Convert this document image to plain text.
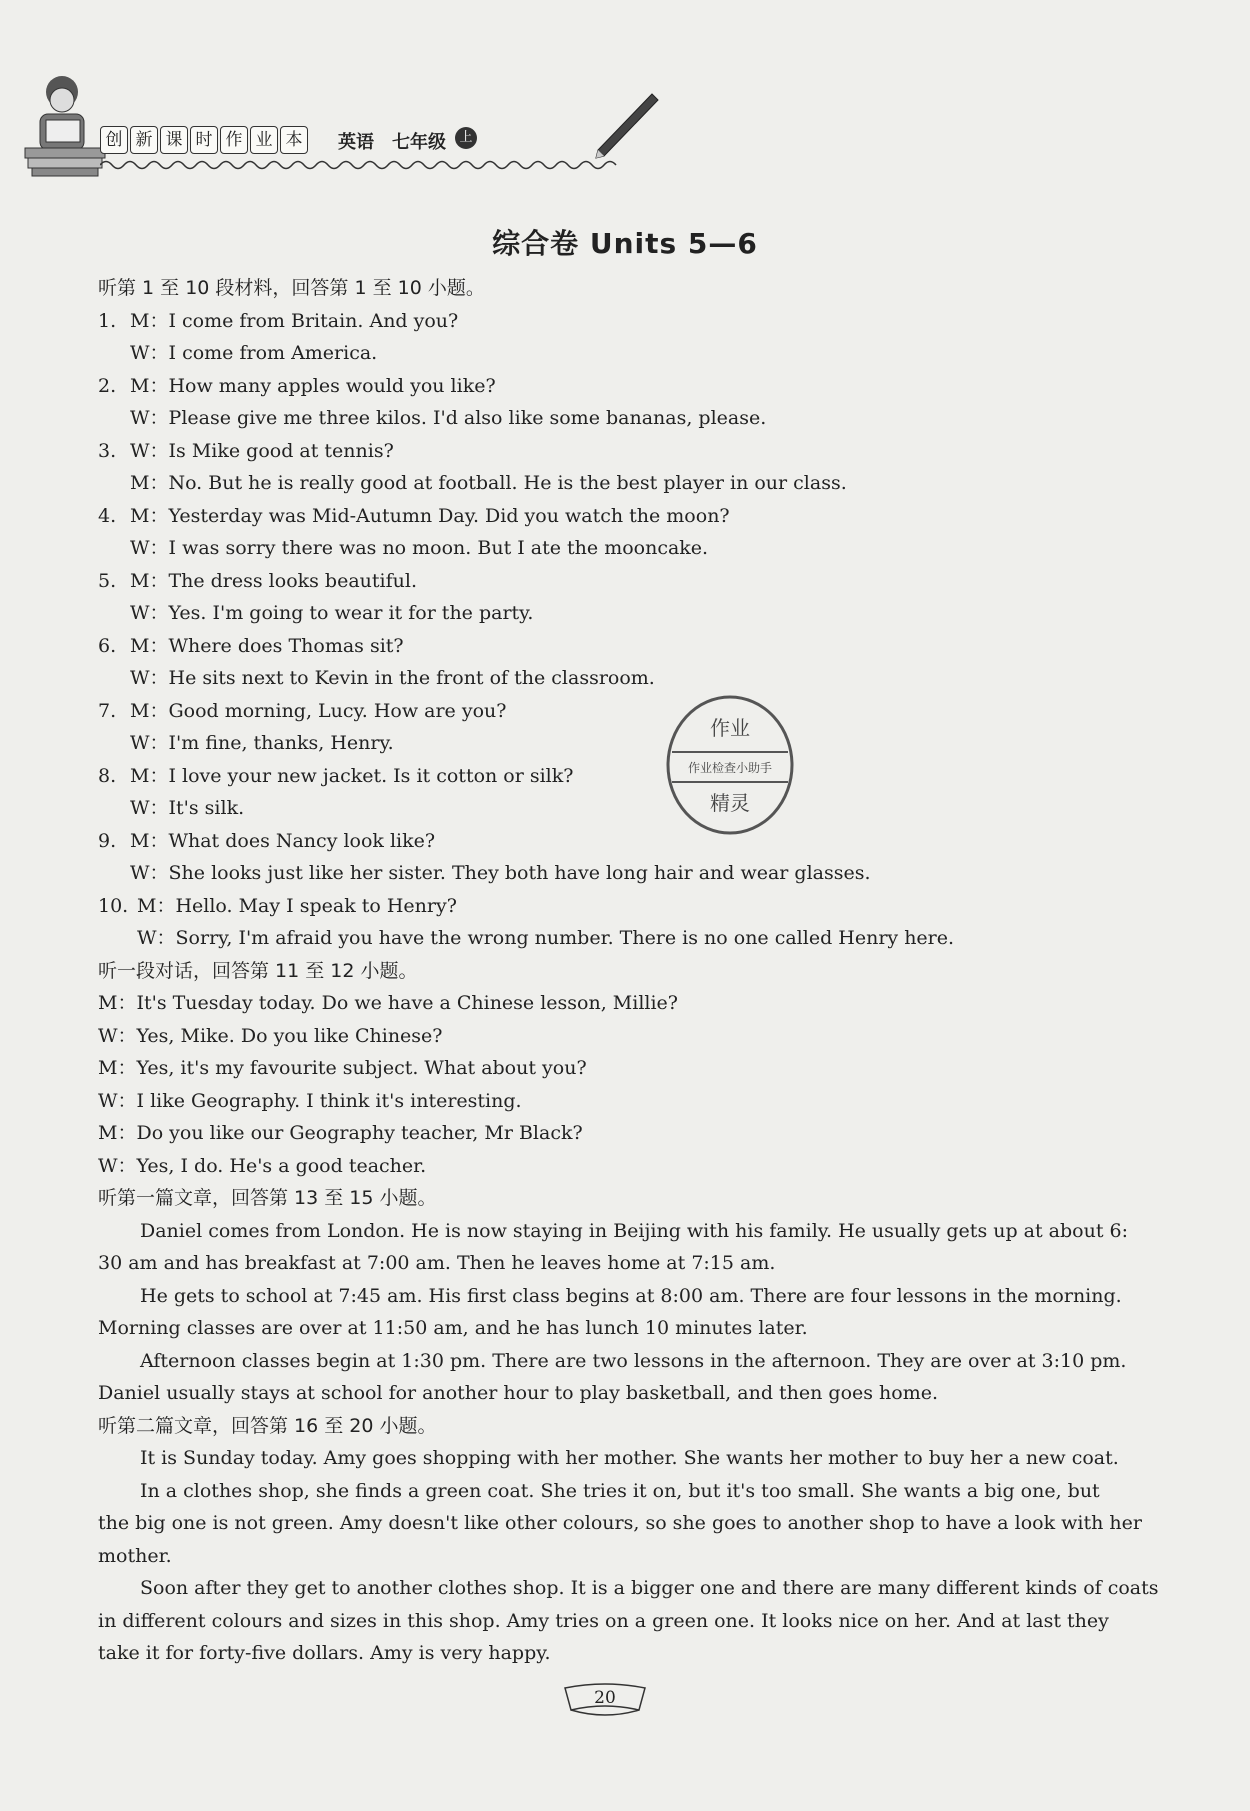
创 新 课 时 作 业 本	英语 七年级	上
综合卷 Units 5—6
听第 1 至 10 段材料，回答第 1 至 10 小题。
1. M：I come from Britain. And you?
W：I come from America.
2. M：How many apples would you like?
W：Please give me three kilos. I'd also like some bananas, please.
3. W：Is Mike good at tennis?
M：No. But he is really good at football. He is the best player in our class.
4. M：Yesterday was Mid-Autumn Day. Did you watch the moon?
W：I was sorry there was no moon. But I ate the mooncake.
5. M：The dress looks beautiful.
W：Yes. I'm going to wear it for the party.
6. M：Where does Thomas sit?
W：He sits next to Kevin in the front of the classroom.
7. M：Good morning, Lucy. How are you?
W：I'm fine, thanks, Henry.
8. M：I love your new jacket. Is it cotton or silk?
W：It's silk.
9. M：What does Nancy look like?
W：She looks just like her sister. They both have long hair and wear glasses.
10. M：Hello. May I speak to Henry?
W：Sorry, I'm afraid you have the wrong number. There is no one called Henry here.
听一段对话，回答第 11 至 12 小题。
M：It's Tuesday today. Do we have a Chinese lesson, Millie?
W：Yes, Mike. Do you like Chinese?
M：Yes, it's my favourite subject. What about you?
W：I like Geography. I think it's interesting.
M：Do you like our Geography teacher, Mr Black?
W：Yes, I do. He's a good teacher.
听第一篇文章，回答第 13 至 15 小题。
Daniel comes from London. He is now staying in Beijing with his family. He usually gets up at about 6:
30 am and has breakfast at 7:00 am. Then he leaves home at 7:15 am.
He gets to school at 7:45 am. His first class begins at 8:00 am. There are four lessons in the morning.
Morning classes are over at 11:50 am, and he has lunch 10 minutes later.
Afternoon classes begin at 1:30 pm. There are two lessons in the afternoon. They are over at 3:10 pm.
Daniel usually stays at school for another hour to play basketball, and then goes home.
听第二篇文章，回答第 16 至 20 小题。
It is Sunday today. Amy goes shopping with her mother. She wants her mother to buy her a new coat.
In a clothes shop, she finds a green coat. She tries it on, but it's too small. She wants a big one, but
the big one is not green. Amy doesn't like other colours, so she goes to another shop to have a look with her
mother.
Soon after they get to another clothes shop. It is a bigger one and there are many different kinds of coats
in different colours and sizes in this shop. Amy tries on a green one. It looks nice on her. And at last they
take it for forty-five dollars. Amy is very happy.
作业
作业检查小助手
精灵
20
